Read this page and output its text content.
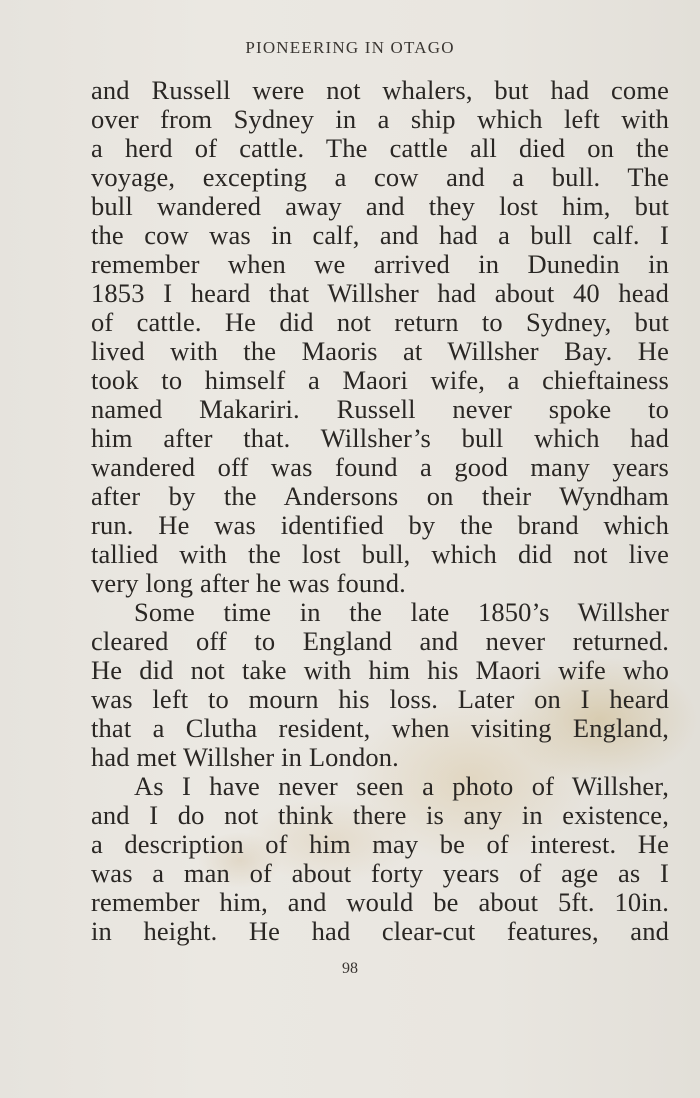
PIONEERING IN OTAGO
and Russell were not whalers, but had come
over from Sydney in a ship which left with
a herd of cattle. The cattle all died on the
voyage, excepting a cow and a bull. The
bull wandered away and they lost him, but
the cow was in calf, and had a bull calf. I
remember when we arrived in Dunedin in
1853 I heard that Willsher had about 40 head
of cattle. He did not return to Sydney, but
lived with the Maoris at Willsher Bay. He
took to himself a Maori wife, a chieftainess
named Makariri. Russell never spoke to
him after that. Willsher’s bull which had
wandered off was found a good many years
after by the Andersons on their Wyndham
run. He was identified by the brand which
tallied with the lost bull, which did not live
very long after he was found.
Some time in the late 1850’s Willsher
cleared off to England and never returned.
He did not take with him his Maori wife who
was left to mourn his loss. Later on I heard
that a Clutha resident, when visiting England,
had met Willsher in London.
As I have never seen a photo of Willsher,
and I do not think there is any in existence,
a description of him may be of interest. He
was a man of about forty years of age as I
remember him, and would be about 5ft. 10in.
in height. He had clear-cut features, and
98
